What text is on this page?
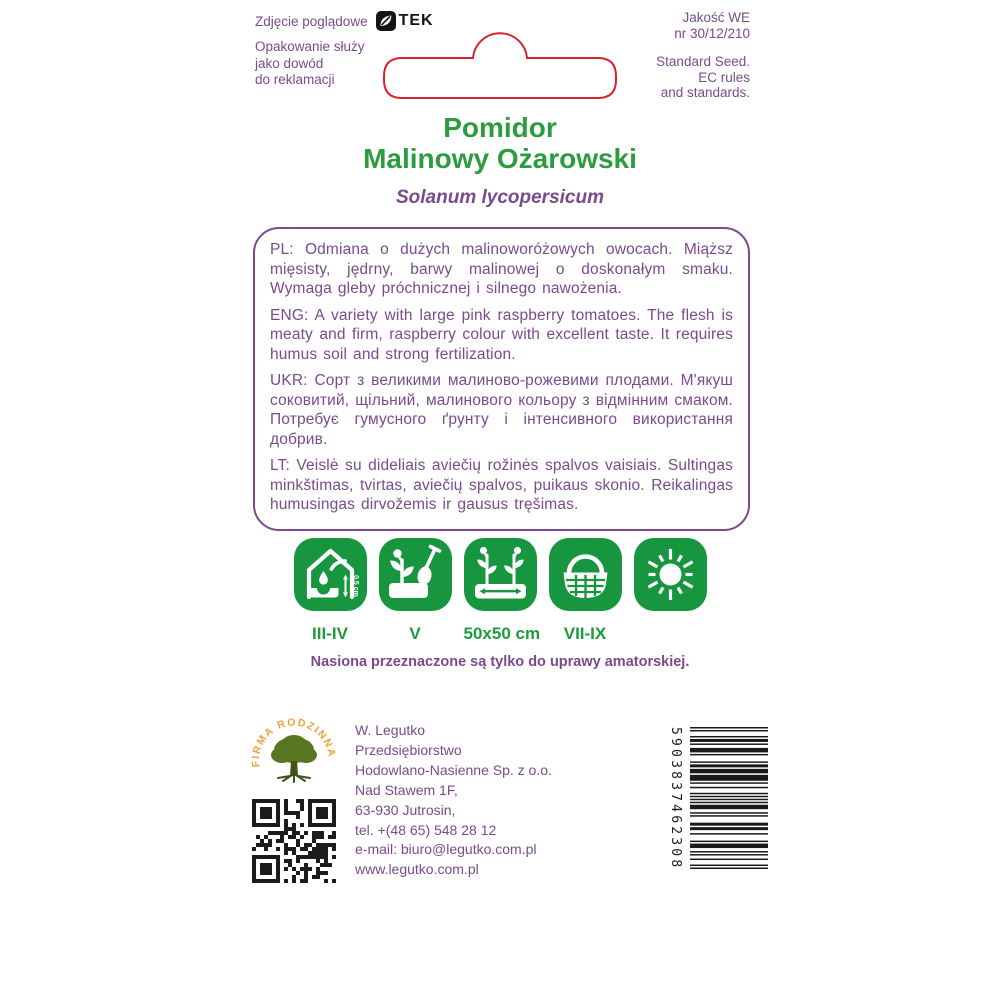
Zdjęcie poglądowe TEK
Opakowanie służy
jako dowód
do reklamacji
Jakość WE
nr 30/12/210
Standard Seed.
EC rules
and standards.
Pomidor
Malinowy Ożarowski
Solanum lycopersicum

PL: Odmiana o dużych malinoworóżowych owocach. Miąższ mięsisty, jędrny, barwy malinowej o doskonałym smaku. Wymaga gleby próchnicznej i silnego nawożenia.

ENG: A variety with large pink raspberry tomatoes. The flesh is meaty and firm, raspberry colour with excellent taste. It requires humus soil and strong fertilization.

UKR: Сорт з великими малиново-рожевими плодами. М'якуш соковитий, щільний, малинового кольору з відмінним смаком. Потребує гумусного ґрунту і інтенсивного використання добрив.

LT: Veislė su dideliais aviečių rožinės spalvos vaisiais. Sultingas minkštimas, tvirtas, aviečių spalvos, puikaus skonio. Reikalingas humusingas dirvožemis ir gausus tręšimas.

0,5 cm
III-IV	V	50x50 cm	VII-IX
Nasiona przeznaczone są tylko do uprawy amatorskiej.
FIRMA RODZINNA
W. Legutko
Przedsiębiorstwo
Hodowlano-Nasienne Sp. z o.o.
Nad Stawem 1F,
63-930 Jutrosin,
tel. +(48 65) 548 28 12
e-mail: biuro@legutko.com.pl
www.legutko.com.pl	5903837462308
